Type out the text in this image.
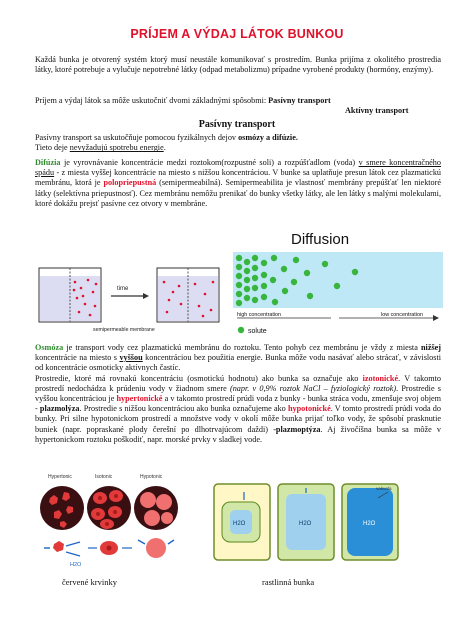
PRÍJEM A VÝDAJ LÁTOK BUNKOU
Každá bunka je otvorený systém ktorý musí neustále komunikovať s prostredím. Bunka prijíma z okolitého prostredia látky, ktoré potrebuje a vylučuje nepotrebné látky (odpad metabolizmu) prípadne vyrobené produkty (hormóny, enzýmy).
Príjem a výdaj látok sa môže uskutočniť dvomi základnými spôsobmi: Pasívny transport
Aktívny transport
Pasívny transport
Pasívny transport sa uskutočňuje pomocou fyzikálnych dejov osmózy a difúzie.
Tieto deje nevyžadujú spotrebu energie.
Difúzia je vyrovnávanie koncentrácie medzi roztokom(rozpustné soli) a rozpúšťadlom (voda) v smere koncentračného spádu - z miesta vyššej koncentrácie na miesto s nižšou koncentráciou. V bunke sa uplatňuje presun látok cez plazmatickú membránu, ktorá je polopriepustná (semipermeabilná). Semipermeabilita je vlastnosť membrány prepúšťať len niektoré látky (selektívna priepustnosť). Cez membránu nemôžu prenikať do bunky všetky látky, ale len látky s malými molekulami, ktoré dokážu prejsť pasívne cez otvory v membráne.
time
semipermeable membrane
Diffusion
high concentration	low concentration
solute
Osmóza je transport vody cez plazmatickú membránu do roztoku. Tento pohyb cez membránu je vždy z miesta nižšej koncentrácie na miesto s vyššou koncentráciou bez použitia energie. Bunka môže vodu nasávať alebo strácať, v závislosti od koncentrácie osmoticky aktívnych častíc.
Prostredie, ktoré má rovnakú koncentráciu (osmotickú hodnotu) ako bunka sa označuje ako izotonické. V takomto prostredí nedochádza k prúdeniu vody v žiadnom smere (napr. v 0,9% roztok NaCl – fyziologický roztok). Prostredie s vyššou koncentráciou je hypertonické a v takomto prostredí prúdi voda z bunky - bunka stráca vodu, zmenšuje svoj objem - plazmolýza. Prostredie s nižšou koncentráciou ako bunka označujeme ako hypotonické. V tomto prostredí prúdi voda do bunky. Pri silne hypotonickom prostredí a množstve vody v okolí môže bunka prijať toľko vody, že spôsobí prasknutie buniek (napr. popraskané plody čerešní po dlhotrvajúcom daždi) -plazmoptýza. Aj živočíšna bunka sa môže v hypertonickom roztoku poškodiť, napr. morské prvky v sladkej vode.
Hypertonic	Isotonic	Hypotonic
H2O
červené krvinky
H2O	H2O	H2O
vakuola
rastlinná bunka
